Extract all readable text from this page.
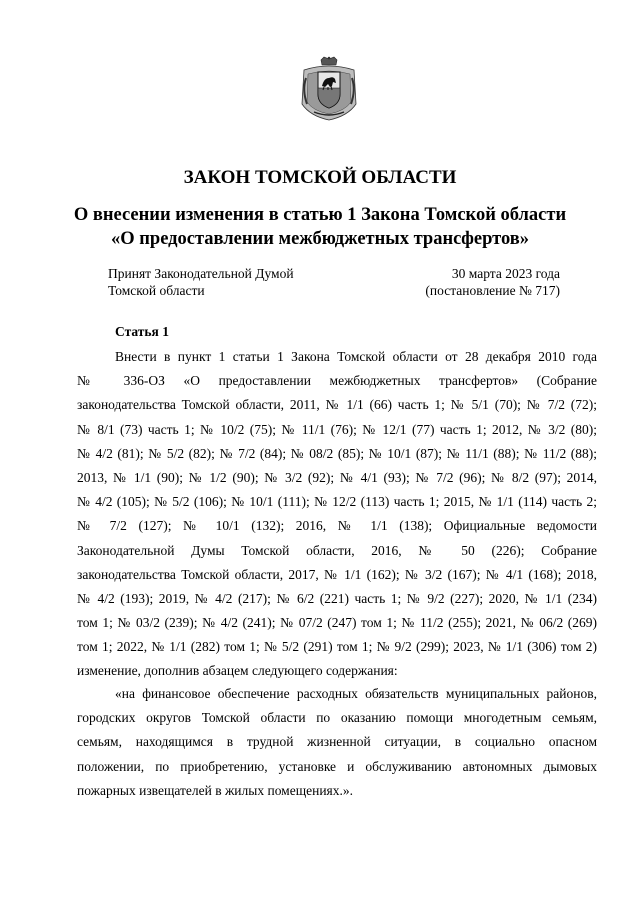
ЗАКОН ТОМСКОЙ ОБЛАСТИ
О внесении изменения в статью 1 Закона Томской области
«О предоставлении межбюджетных трансфертов»
Принят Законодательной Думой
Томской области
30 марта 2023 года
(постановление № 717)
Статья 1
Внести в пункт 1 статьи 1 Закона Томской области от 28 декабря 2010 года
№ 336-ОЗ «О предоставлении межбюджетных трансфертов» (Собрание
законодательства Томской области, 2011, № 1/1 (66) часть 1; № 5/1 (70); № 7/2 (72);
№ 8/1 (73) часть 1; № 10/2 (75); № 11/1 (76); № 12/1 (77) часть 1; 2012, № 3/2 (80);
№ 4/2 (81); № 5/2 (82); № 7/2 (84); № 08/2 (85); № 10/1 (87); № 11/1 (88); № 11/2 (88);
2013, № 1/1 (90); № 1/2 (90); № 3/2 (92); № 4/1 (93); № 7/2 (96); № 8/2 (97); 2014,
№ 4/2 (105); № 5/2 (106); № 10/1 (111); № 12/2 (113) часть 1; 2015, № 1/1 (114) часть 2;
№ 7/2 (127); № 10/1 (132); 2016, № 1/1 (138); Официальные ведомости
Законодательной Думы Томской области, 2016, № 50 (226); Собрание
законодательства Томской области, 2017, № 1/1 (162); № 3/2 (167); № 4/1 (168); 2018,
№ 4/2 (193); 2019, № 4/2 (217); № 6/2 (221) часть 1; № 9/2 (227); 2020, № 1/1 (234)
том 1; № 03/2 (239); № 4/2 (241); № 07/2 (247) том 1; № 11/2 (255); 2021, № 06/2 (269)
том 1; 2022, № 1/1 (282) том 1; № 5/2 (291) том 1; № 9/2 (299); 2023, № 1/1 (306) том 2)
изменение, дополнив абзацем следующего содержания:
«на финансовое обеспечение расходных обязательств муниципальных районов,
городских округов Томской области по оказанию помощи многодетным семьям,
семьям, находящимся в трудной жизненной ситуации, в социально опасном
положении, по приобретению, установке и обслуживанию автономных дымовых
пожарных извещателей в жилых помещениях.».
